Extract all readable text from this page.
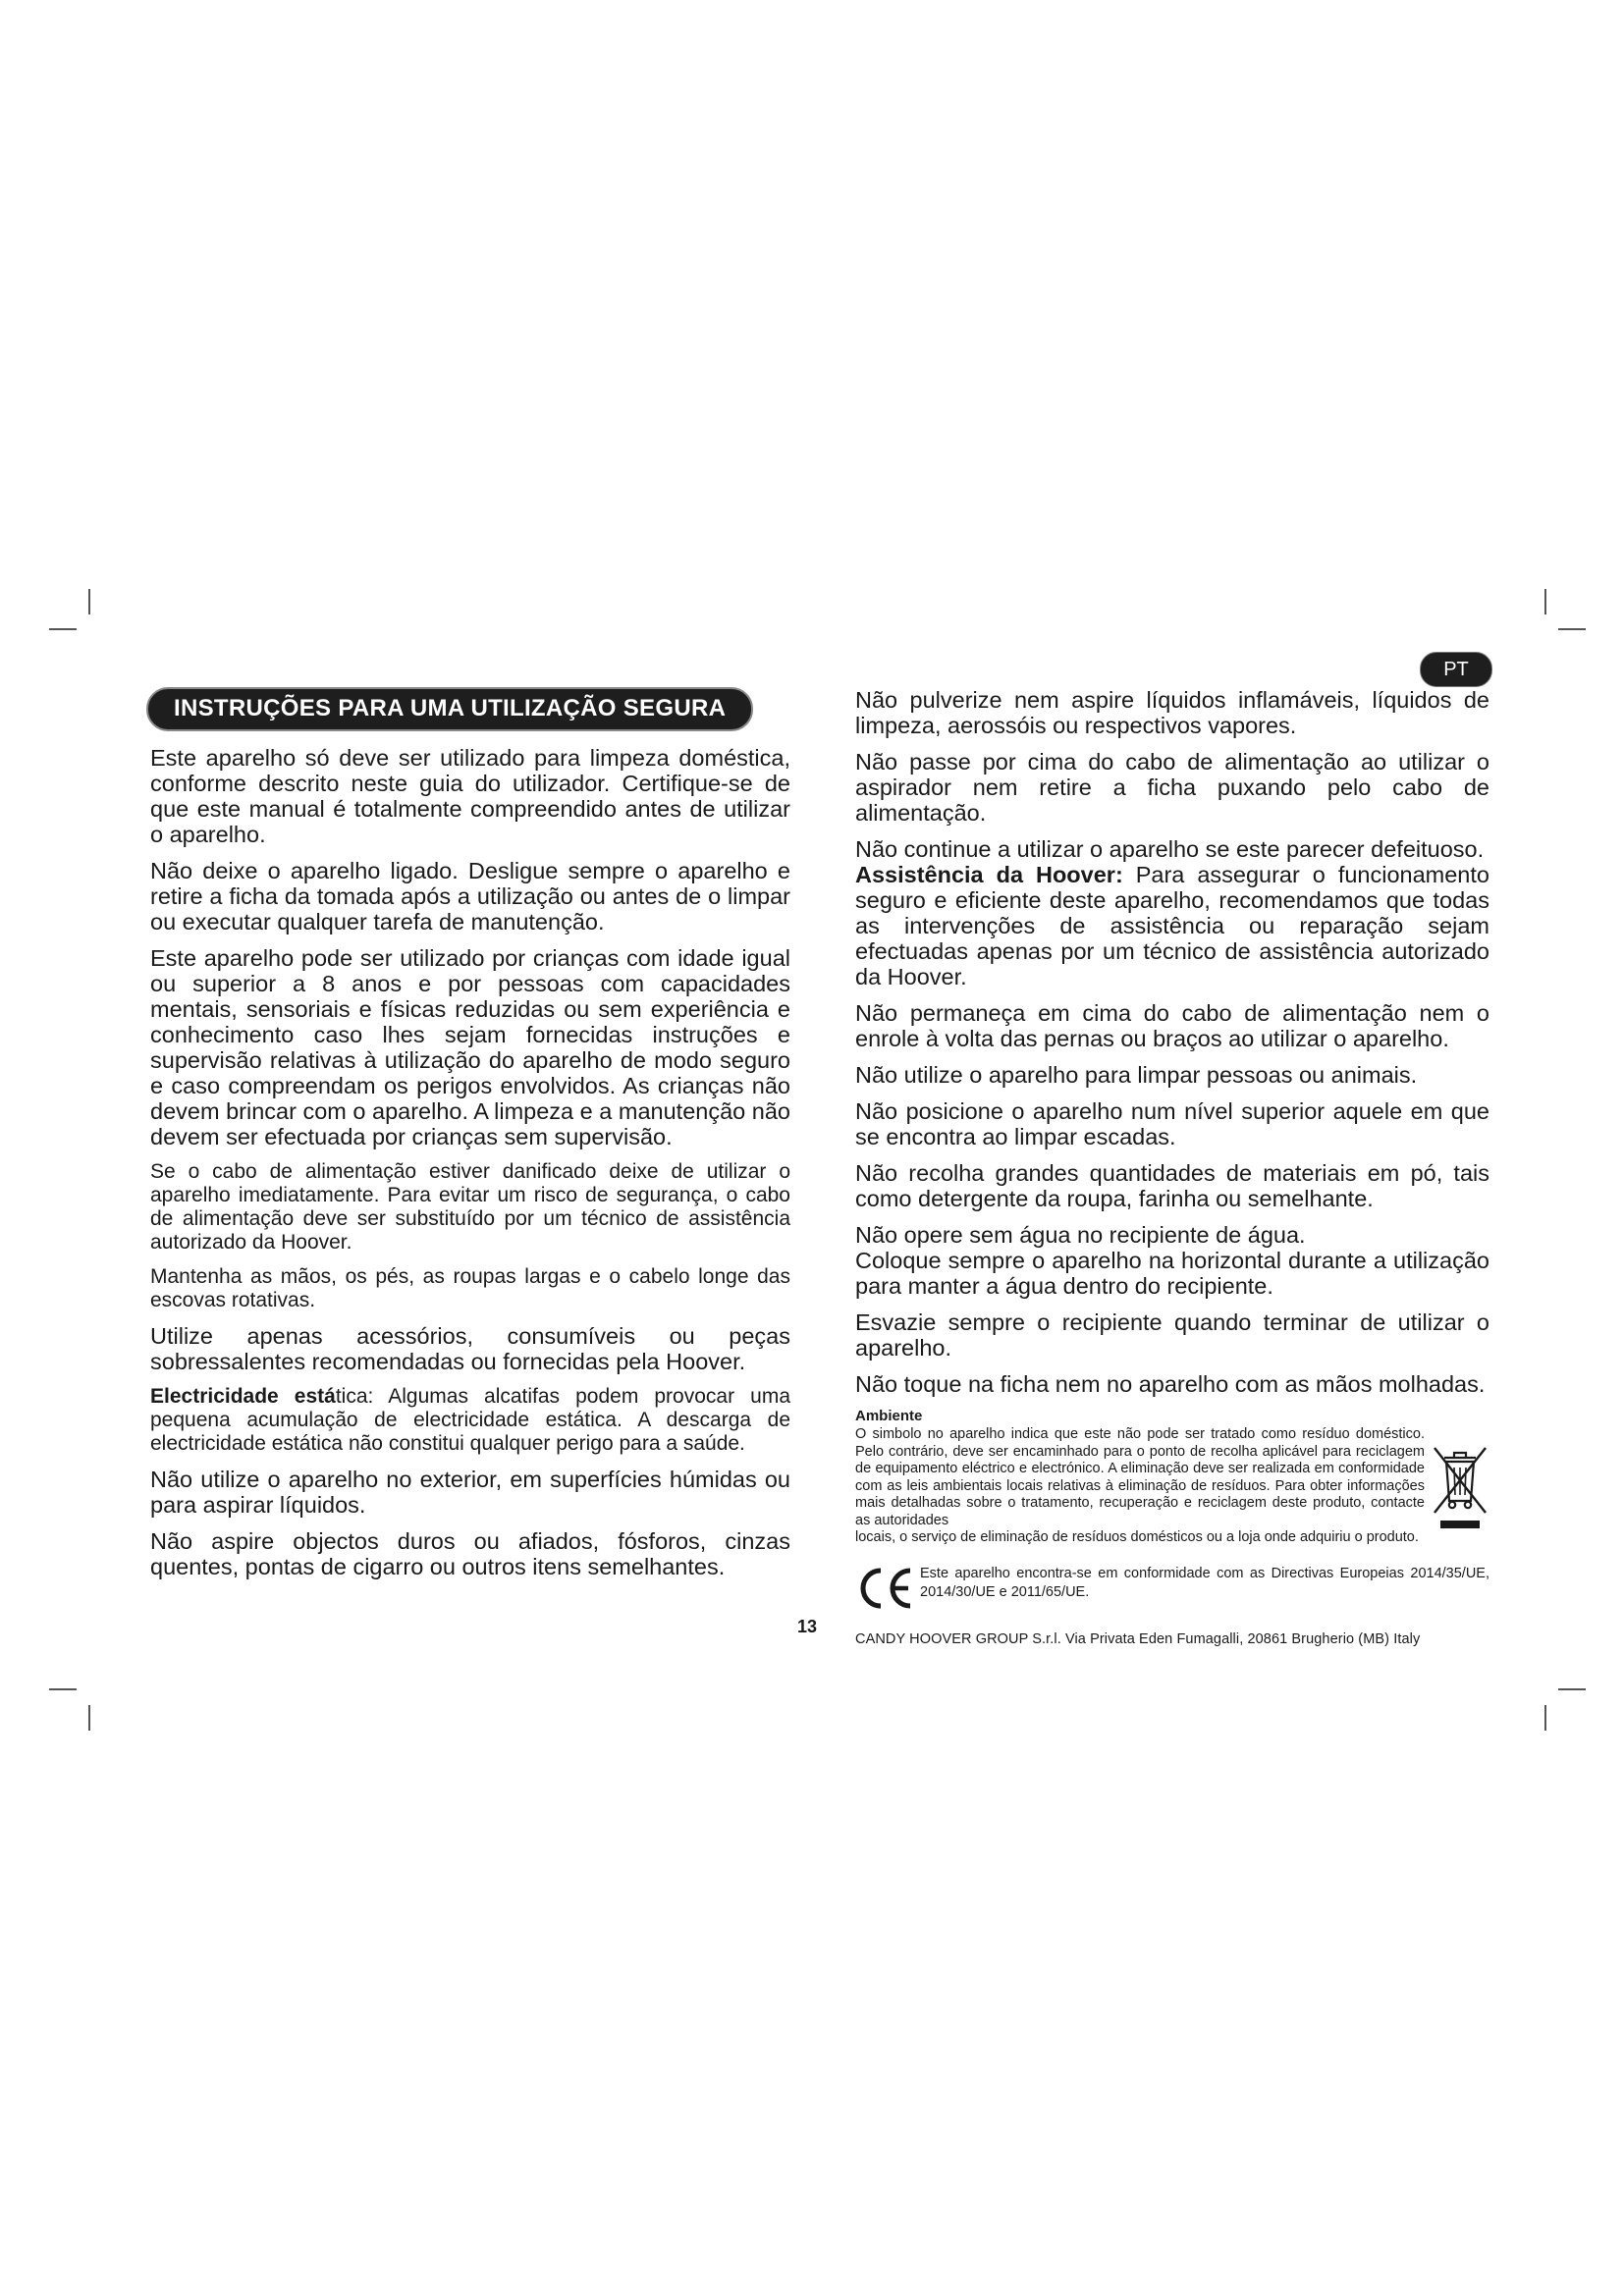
PT
INSTRUÇÕES PARA UMA UTILIZAÇÃO SEGURA

Este aparelho só deve ser utilizado para limpeza doméstica, conforme descrito neste guia do utilizador. Certifique-se de que este manual é totalmente compreendido antes de utilizar o aparelho.

Não deixe o aparelho ligado. Desligue sempre o aparelho e retire a ficha da tomada após a utilização ou antes de o limpar ou executar qualquer tarefa de manutenção.

Este aparelho pode ser utilizado por crianças com idade igual ou superior a 8 anos e por pessoas com capacidades mentais, sensoriais e físicas reduzidas ou sem experiência e conhecimento caso lhes sejam fornecidas instruções e supervisão relativas à utilização do aparelho de modo seguro e caso compreendam os perigos envolvidos. As crianças não devem brincar com o aparelho. A limpeza e a manutenção não devem ser efectuada por crianças sem supervisão.

Se o cabo de alimentação estiver danificado deixe de utilizar o aparelho imediatamente. Para evitar um risco de segurança, o cabo de alimentação deve ser substituído por um técnico de assistência autorizado da Hoover.

Mantenha as mãos, os pés, as roupas largas e o cabelo longe das escovas rotativas.

Utilize apenas acessórios, consumíveis ou peças sobressalentes recomendadas ou fornecidas pela Hoover.

Electricidade estática: Algumas alcatifas podem provocar uma pequena acumulação de electricidade estática. A descarga de electricidade estática não constitui qualquer perigo para a saúde.

Não utilize o aparelho no exterior, em superfícies húmidas ou para aspirar líquidos.

Não aspire objectos duros ou afiados, fósforos, cinzas quentes, pontas de cigarro ou outros itens semelhantes.

Não pulverize nem aspire líquidos inflamáveis, líquidos de limpeza, aerossóis ou respectivos vapores.

Não passe por cima do cabo de alimentação ao utilizar o aspirador nem retire a ficha puxando pelo cabo de alimentação.

Não continue a utilizar o aparelho se este parecer defeituoso.
Assistência da Hoover: Para assegurar o funcionamento seguro e eficiente deste aparelho, recomendamos que todas as intervenções de assistência ou reparação sejam efectuadas apenas por um técnico de assistência autorizado da Hoover.

Não permaneça em cima do cabo de alimentação nem o enrole à volta das pernas ou braços ao utilizar o aparelho.

Não utilize o aparelho para limpar pessoas ou animais.

Não posicione o aparelho num nível superior aquele em que se encontra ao limpar escadas.

Não recolha grandes quantidades de materiais em pó, tais como detergente da roupa, farinha ou semelhante.

Não opere sem água no recipiente de água.
Coloque sempre o aparelho na horizontal durante a utilização para manter a água dentro do recipiente.

Esvazie sempre o recipiente quando terminar de utilizar o aparelho.

Não toque na ficha nem no aparelho com as mãos molhadas.

Ambiente

O simbolo no aparelho indica que este não pode ser tratado como resíduo doméstico. Pelo contrário, deve ser encaminhado para o ponto de recolha aplicável para reciclagem de equipamento eléctrico e electrónico. A eliminação deve ser realizada em conformidade com as leis ambientais locais relativas à eliminação de resíduos. Para obter informações mais detalhadas sobre o tratamento, recuperação e reciclagem deste produto, contacte as autoridades

locais, o serviço de eliminação de resíduos domésticos ou a loja onde adquiriu o produto.

Este aparelho encontra-se em conformidade com as Directivas Europeias 2014/35/UE, 2014/30/UE e 2011/65/UE.

CANDY HOOVER GROUP S.r.l. Via Privata Eden Fumagalli, 20861 Brugherio (MB) Italy
13
